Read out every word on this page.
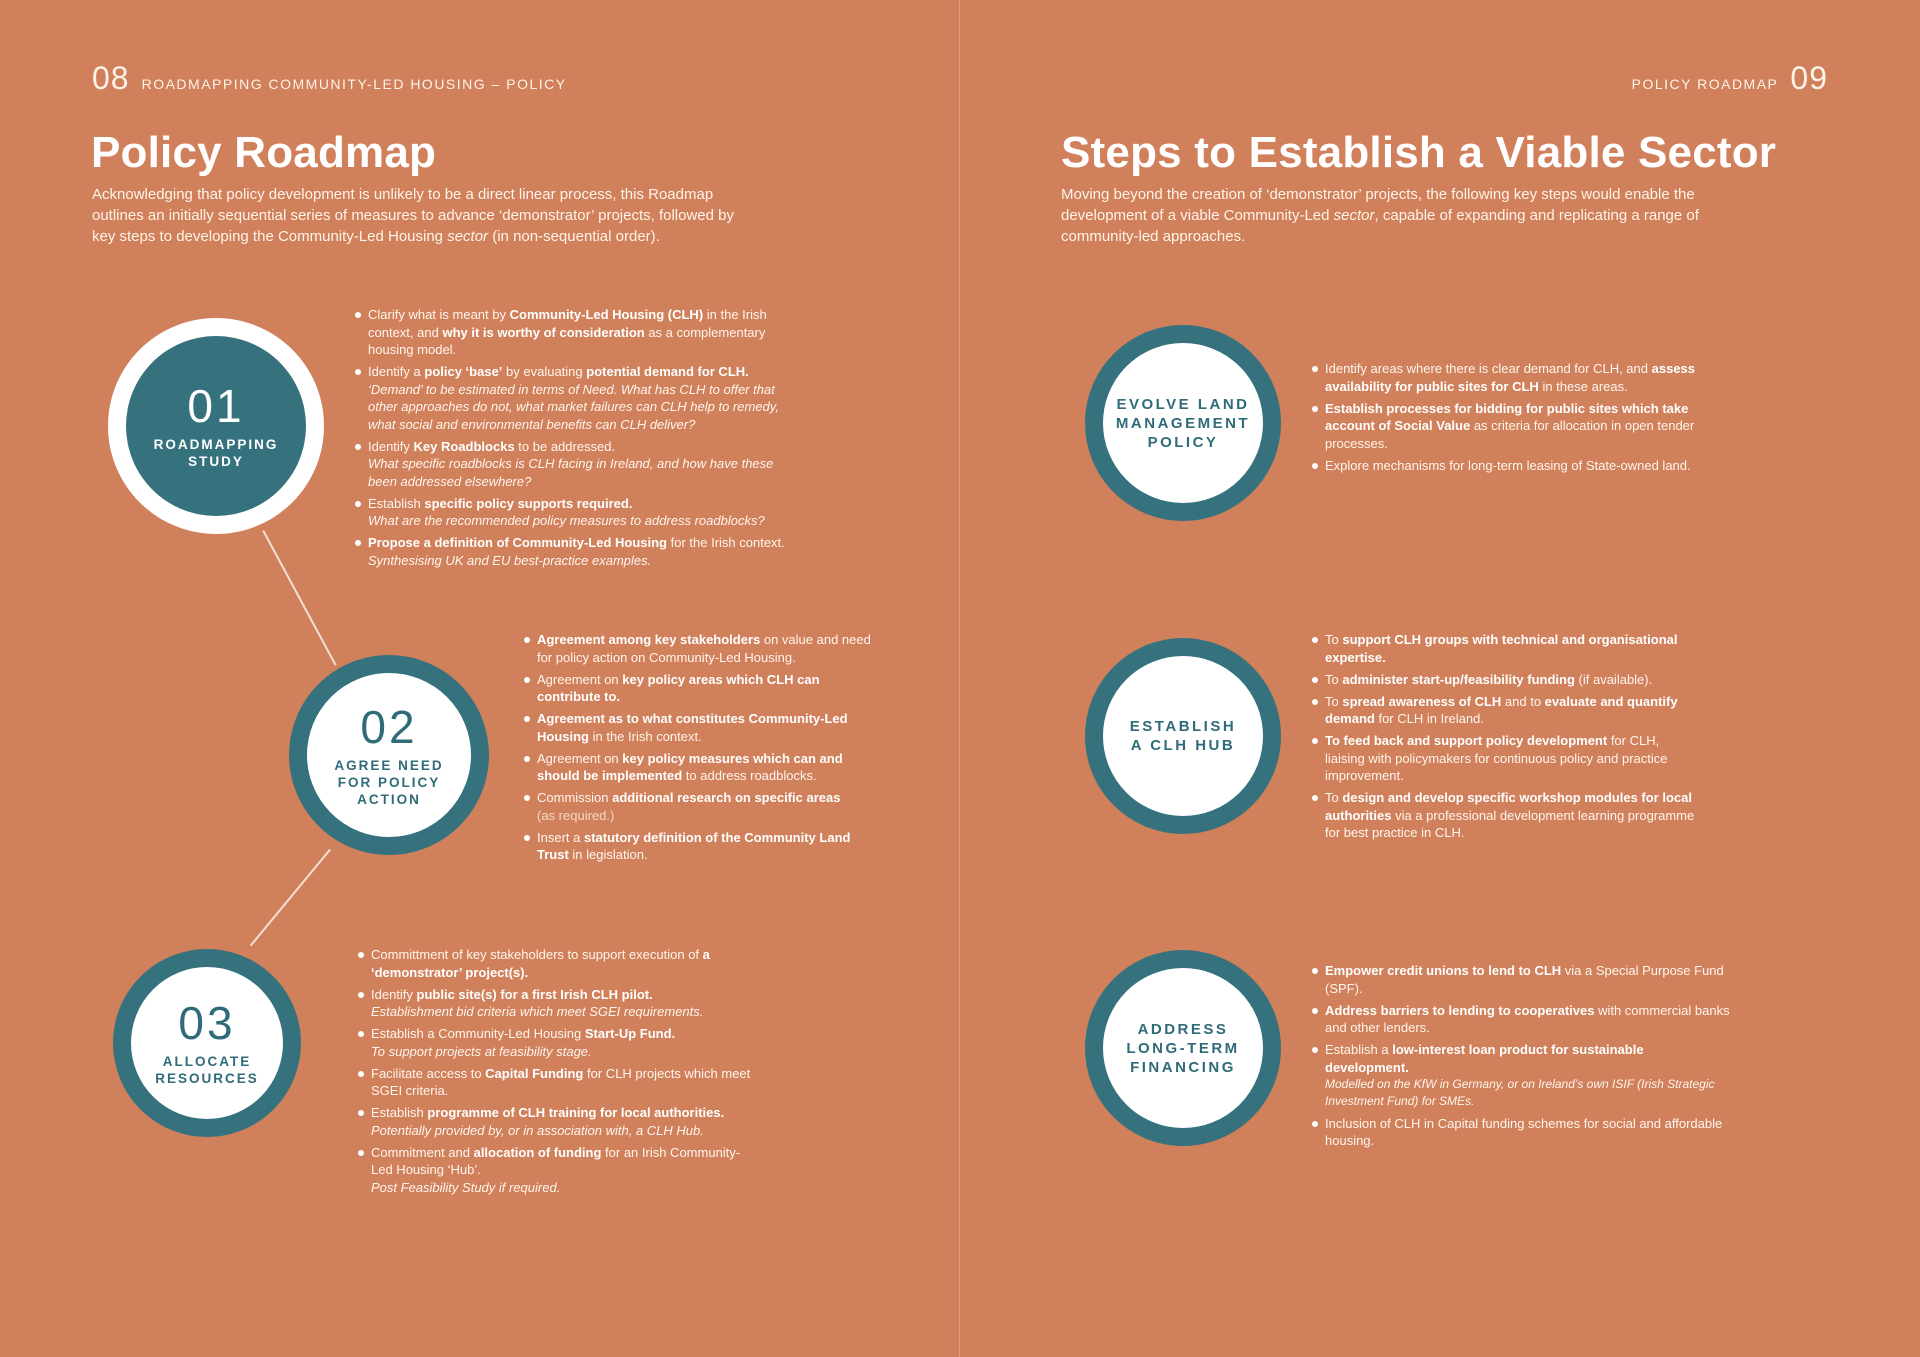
08 ROADMAPPING COMMUNITY-LED HOUSING – POLICY
Policy Roadmap

Acknowledging that policy development is unlikely to be a direct linear process, this Roadmap outlines an initially sequential series of measures to advance ‘demonstrator’ projects, followed by key steps to developing the Community-Led Housing sector (in non-sequential order).

01
ROADMAPPING
STUDY
Clarify what is meant by Community-Led Housing (CLH) in the Irish context, and why it is worthy of consideration as a complementary housing model.
Identify a policy ‘base’ by evaluating potential demand for CLH.
‘Demand’ to be estimated in terms of Need. What has CLH to offer that other approaches do not, what market failures can CLH help to remedy, what social and environmental benefits can CLH deliver?
Identify Key Roadblocks to be addressed.
What specific roadblocks is CLH facing in Ireland, and how have these been addressed elsewhere?
Establish specific policy supports required.
What are the recommended policy measures to address roadblocks?
Propose a definition of Community-Led Housing for the Irish context.
Synthesising UK and EU best-practice examples.
02
AGREE NEED
FOR POLICY
ACTION
Agreement among key stakeholders on value and need for policy action on Community-Led Housing.
Agreement on key policy areas which CLH can contribute to.
Agreement as to what constitutes Community-Led Housing in the Irish context.
Agreement on key policy measures which can and should be implemented to address roadblocks.
Commission additional research on specific areas
(as required.)
Insert a statutory definition of the Community Land Trust in legislation.
03
ALLOCATE
RESOURCES
Committment of key stakeholders to support execution of a ‘demonstrator’ project(s).
Identify public site(s) for a first Irish CLH pilot.
Establishment bid criteria which meet SGEI requirements.
Establish a Community-Led Housing Start-Up Fund.
To support projects at feasibility stage.
Facilitate access to Capital Funding for CLH projects which meet SGEI criteria.
Establish programme of CLH training for local authorities.
Potentially provided by, or in association with, a CLH Hub.
Commitment and allocation of funding for an Irish Community-Led Housing ‘Hub’.
Post Feasibility Study if required.
POLICY ROADMAP 09
Steps to Establish a Viable Sector

Moving beyond the creation of ‘demonstrator’ projects, the following key steps would enable the development of a viable Community-Led sector, capable of expanding and replicating a range of community-led approaches.

EVOLVE LAND
MANAGEMENT
POLICY
Identify areas where there is clear demand for CLH, and assess availability for public sites for CLH in these areas.
Establish processes for bidding for public sites which take account of Social Value as criteria for allocation in open tender processes.
Explore mechanisms for long-term leasing of State-owned land.
ESTABLISH
A CLH HUB
To support CLH groups with technical and organisational expertise.
To administer start-up/feasibility funding (if available).
To spread awareness of CLH and to evaluate and quantify demand for CLH in Ireland.
To feed back and support policy development for CLH, liaising with policymakers for continuous policy and practice improvement.
To design and develop specific workshop modules for local authorities via a professional development learning programme for best practice in CLH.
ADDRESS
LONG-TERM
FINANCING
Empower credit unions to lend to CLH via a Special Purpose Fund (SPF).
Address barriers to lending to cooperatives with commercial banks and other lenders.
Establish a low-interest loan product for sustainable development.
Modelled on the KfW in Germany, or on Ireland’s own ISIF (Irish Strategic Investment Fund) for SMEs.
Inclusion of CLH in Capital funding schemes for social and affordable housing.
